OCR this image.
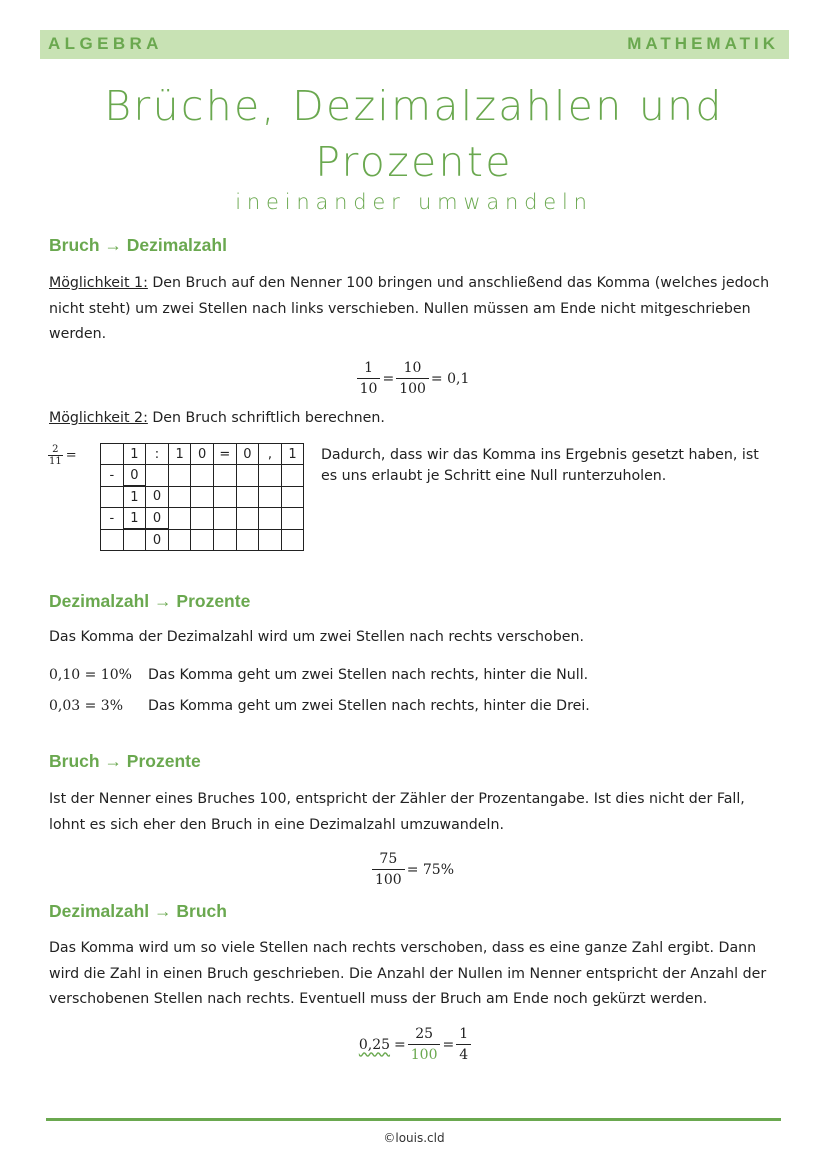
ALGEBRA	MATHEMATIK
Brüche, Dezimalzahlen und
Prozente
ineinander umwandeln
Bruch → Dezimalzahl
Möglichkeit 1: Den Bruch auf den Nenner 100 bringen und anschließend das Komma (welches jedoch nicht steht) um zwei Stellen nach links verschieben. Nullen müssen am Ende nicht mitgeschrieben werden.
$\frac{1}{10} = \frac{10}{100} = 0,1$
Möglichkeit 2: Den Bruch schriftlich berechnen.
$\frac{2}{11}$ =
		1	:	1	0	=	0	,	1
-	0							
	1	0						
-	1	0						
		0						
Dadurch, dass wir das Komma ins Ergebnis gesetzt haben, ist es uns erlaubt je Schritt eine Null runterzuholen.
Dezimalzahl → Prozente
Das Komma der Dezimalzahl wird um zwei Stellen nach rechts verschoben.
0,10 = 10% Das Komma geht um zwei Stellen nach rechts, hinter die Null.
0,03 = 3% Das Komma geht um zwei Stellen nach rechts, hinter die Drei.
Bruch → Prozente
Ist der Nenner eines Bruches 100, entspricht der Zähler der Prozentangabe. Ist dies nicht der Fall, lohnt es sich eher den Bruch in eine Dezimalzahl umzuwandeln.
$\frac{75}{100} = 75\%$
Dezimalzahl → Bruch
Das Komma wird um so viele Stellen nach rechts verschoben, dass es eine ganze Zahl ergibt. Dann wird die Zahl in einen Bruch geschrieben. Die Anzahl der Nullen im Nenner entspricht der Anzahl der verschobenen Stellen nach rechts. Eventuell muss der Bruch am Ende noch gekürzt werden.
$0,25 = \frac{25}{100} = \frac{1}{4}$
©louis.cld
